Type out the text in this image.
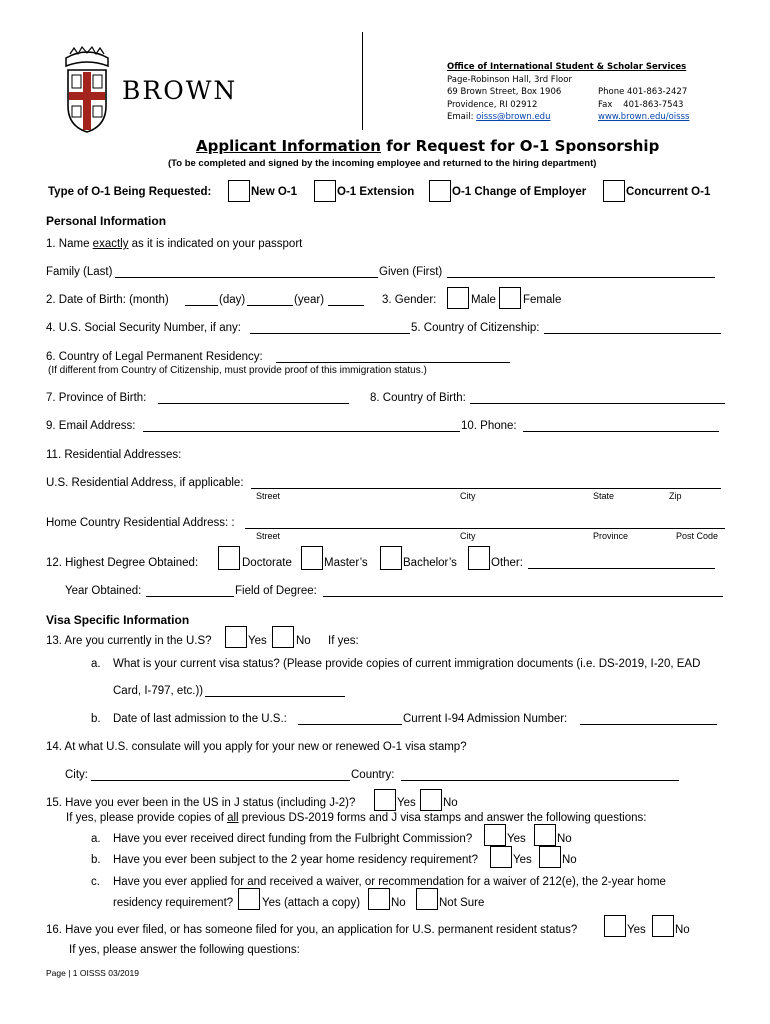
BROWN
Office of International Student & Scholar Services
Page-Robinson Hall, 3rd Floor
69 Brown Street, Box 1906
Providence, RI 02912
Email: oisss@brown.edu
Phone 401-863-2427
Fax 401-863-7543
www.brown.edu/oisss
Applicant Information for Request for O-1 Sponsorship
(To be completed and signed by the incoming employee and returned to the hiring department)
Type of O-1 Being Requested:	New O-1	O-1 Extension	O-1 Change of Employer	Concurrent O-1
Personal Information
1. Name exactly as it is indicated on your passport
Family (Last)	Given (First)
2. Date of Birth: (month)	(day)	(year)	3. Gender:	Male Female
4. U.S. Social Security Number, if any:	5. Country of Citizenship:
6. Country of Legal Permanent Residency:
(If different from Country of Citizenship, must provide proof of this immigration status.)
7. Province of Birth:	8. Country of Birth:
9. Email Address:	10. Phone:
11. Residential Addresses:
U.S. Residential Address, if applicable:
Street	City	State	Zip
Home Country Residential Address: :
Street	City	Province	Post Code
12. Highest Degree Obtained:	Doctorate	Master’s	Bachelor’s	Other:
Year Obtained:	Field of Degree:
Visa Specific Information
13. Are you currently in the U.S?	Yes	No If yes:
a. What is your current visa status? (Please provide copies of current immigration documents (i.e. DS-2019, I-20, EAD
Card, I-797, etc.))
b. Date of last admission to the U.S.:	Current I-94 Admission Number:
14. At what U.S. consulate will you apply for your new or renewed O-1 visa stamp?
City:	Country:
15. Have you ever been in the US in J status (including J-2)?	Yes No
If yes, please provide copies of all previous DS-2019 forms and J visa stamps and answer the following questions:
a. Have you ever received direct funding from the Fulbright Commission?	Yes	No
b. Have you ever been subject to the 2 year home residency requirement?	Yes	No
c. Have you ever applied for and received a waiver, or recommendation for a waiver of 212(e), the 2-year home
residency requirement?	Yes (attach a copy)	No	Not Sure
16. Have you ever filed, or has someone filed for you, an application for U.S. permanent resident status?	Yes	No
If yes, please answer the following questions:
Page | 1 OISSS 03/2019
